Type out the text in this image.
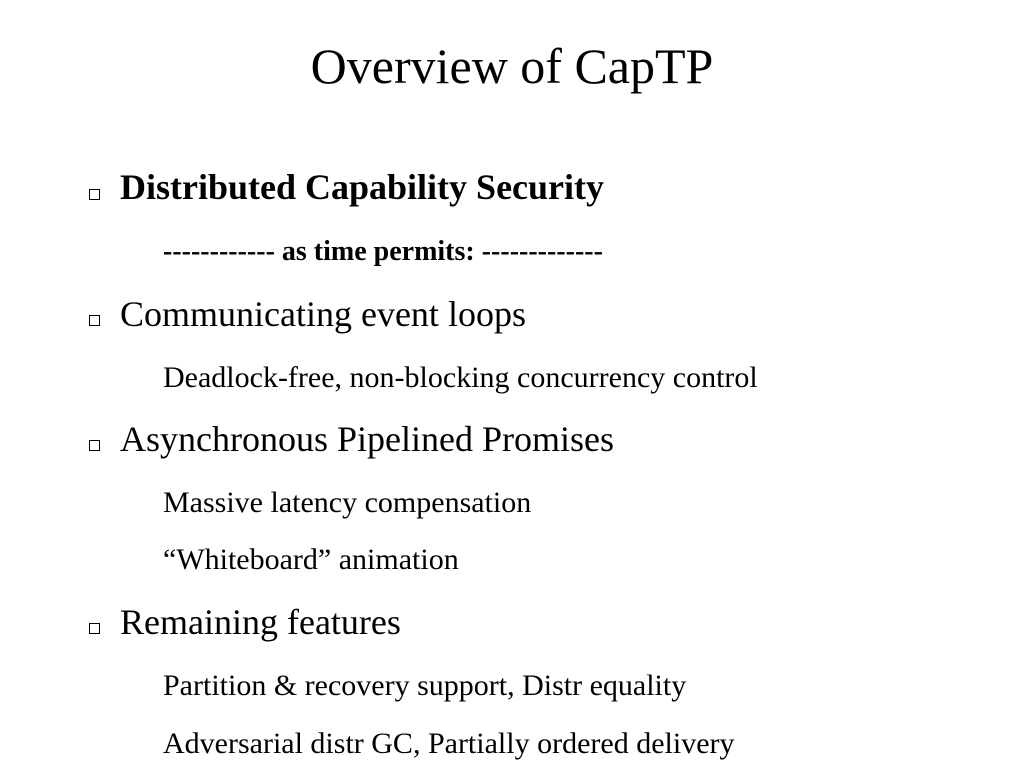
Overview of CapTP
Distributed Capability Security
------------ as time permits: -------------
Communicating event loops
Deadlock-free, non-blocking concurrency control
Asynchronous Pipelined Promises
Massive latency compensation
“Whiteboard” animation
Remaining features
Partition & recovery support, Distr equality
Adversarial distr GC, Partially ordered delivery
